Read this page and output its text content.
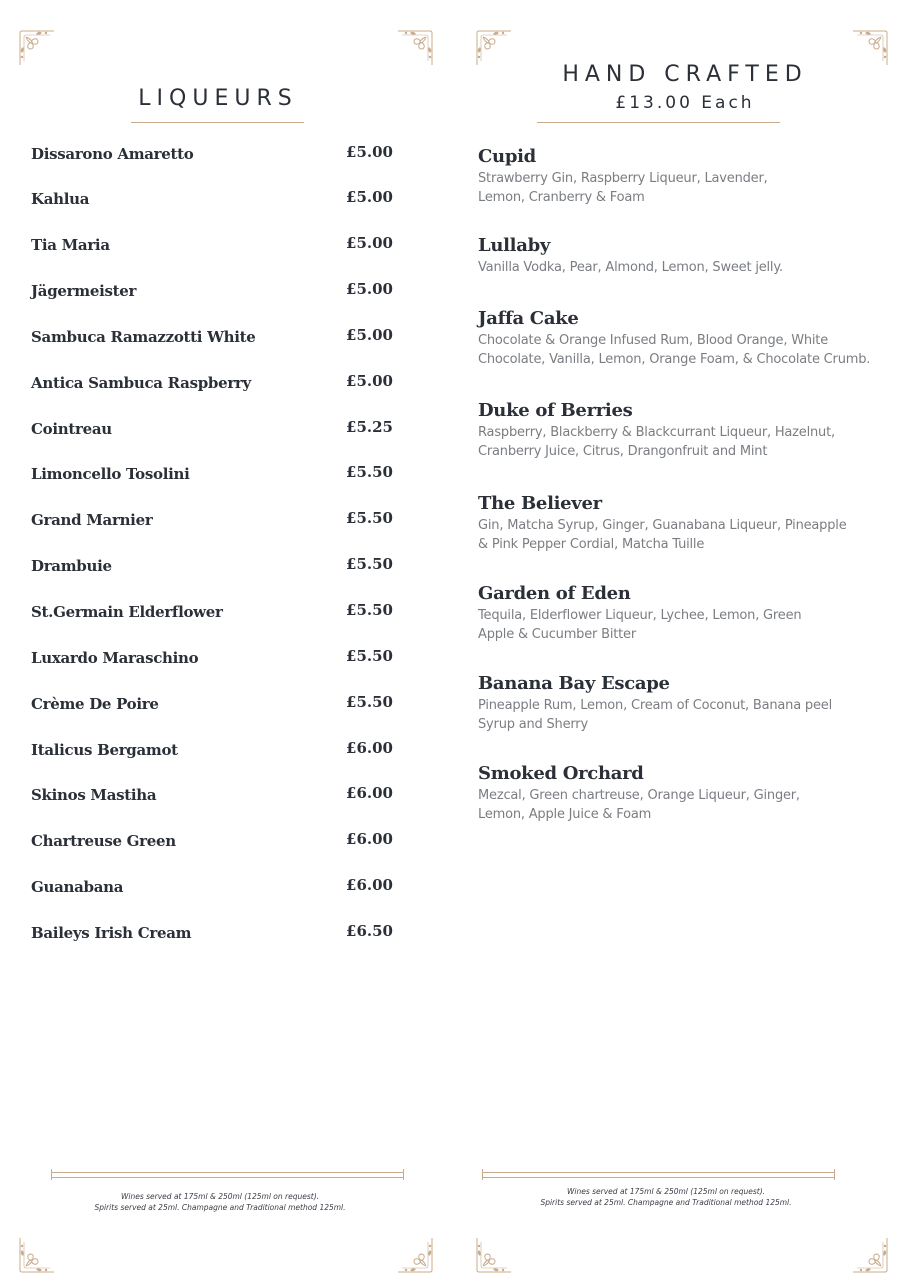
LIQUEURS
Dissarono Amaretto	£5.00
Kahlua	£5.00
Tia Maria	£5.00
Jägermeister	£5.00
Sambuca Ramazzotti White	£5.00
Antica Sambuca Raspberry	£5.00
Cointreau	£5.25
Limoncello Tosolini	£5.50
Grand Marnier	£5.50
Drambuie	£5.50
St.Germain Elderflower	£5.50
Luxardo Maraschino	£5.50
Crème De Poire	£5.50
Italicus Bergamot	£6.00
Skinos Mastiha	£6.00
Chartreuse Green	£6.00
Guanabana	£6.00
Baileys Irish Cream	£6.50
Wines served at 175ml & 250ml (125ml on request).
Spirits served at 25ml. Champagne and Traditional method 125ml.
HAND CRAFTED
£13.00 Each
Cupid
Strawberry Gin, Raspberry Liqueur, Lavender,
Lemon, Cranberry & Foam
Lullaby
Vanilla Vodka, Pear, Almond, Lemon, Sweet jelly.
Jaffa Cake
Chocolate & Orange Infused Rum, Blood Orange, White
Chocolate, Vanilla, Lemon, Orange Foam, & Chocolate Crumb.
Duke of Berries
Raspberry, Blackberry & Blackcurrant Liqueur, Hazelnut,
Cranberry Juice, Citrus, Drangonfruit and Mint
The Believer
Gin, Matcha Syrup, Ginger, Guanabana Liqueur, Pineapple
& Pink Pepper Cordial, Matcha Tuille
Garden of Eden
Tequila, Elderflower Liqueur, Lychee, Lemon, Green
Apple & Cucumber Bitter
Banana Bay Escape
Pineapple Rum, Lemon, Cream of Coconut, Banana peel
Syrup and Sherry
Smoked Orchard
Mezcal, Green chartreuse, Orange Liqueur, Ginger,
Lemon, Apple Juice & Foam
Wines served at 175ml & 250ml (125ml on request).
Spirits served at 25ml. Champagne and Traditional method 125ml.
